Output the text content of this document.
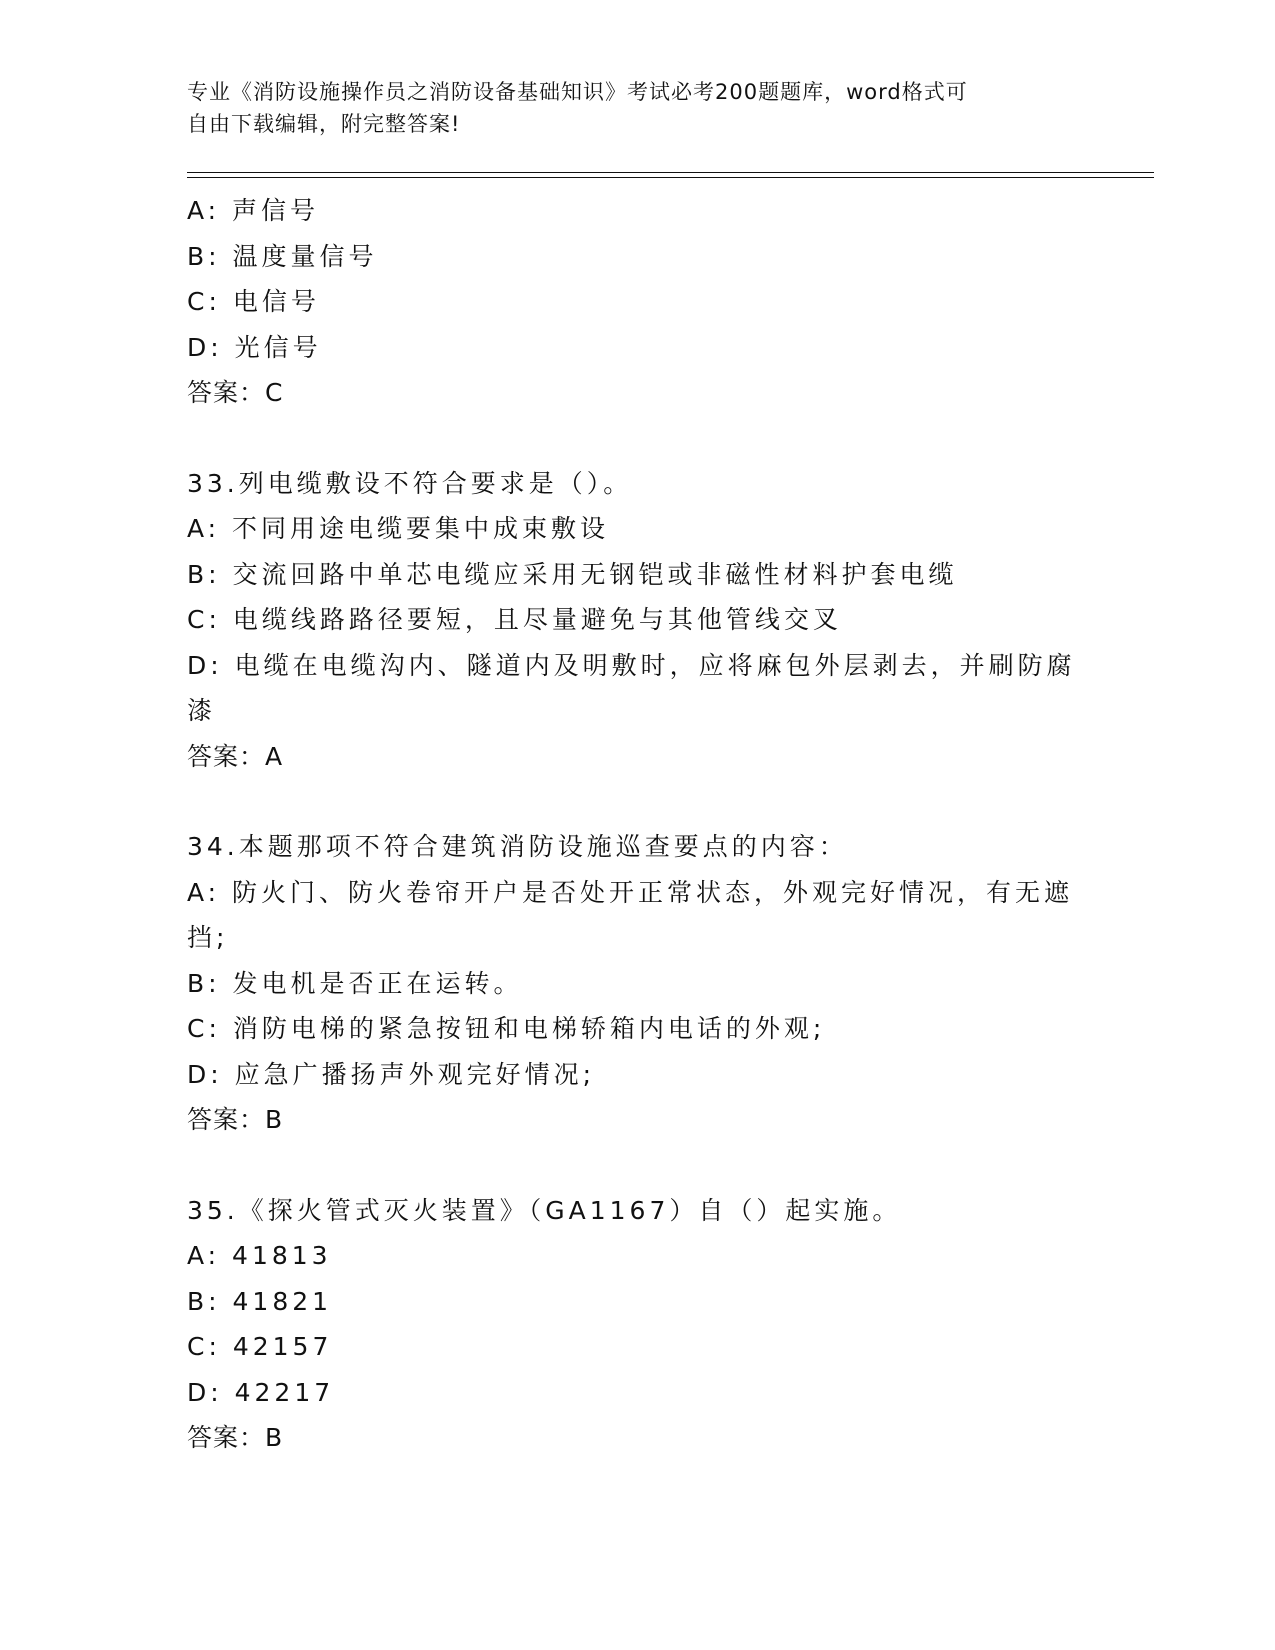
专业《消防设施操作员之消防设备基础知识》考试必考200题题库，word格式可
自由下载编辑，附完整答案!
A: 声信号
B: 温度量信号
C: 电信号
D: 光信号
答案：C
33.列电缆敷设不符合要求是（）。
A: 不同用途电缆要集中成束敷设
B: 交流回路中单芯电缆应采用无钢铠或非磁性材料护套电缆
C: 电缆线路路径要短，且尽量避免与其他管线交叉
D: 电缆在电缆沟内、隧道内及明敷时，应将麻包外层剥去，并刷防腐
漆
答案：A
34.本题那项不符合建筑消防设施巡查要点的内容：
A: 防火门、防火卷帘开户是否处开正常状态，外观完好情况，有无遮
挡;
B: 发电机是否正在运转。
C: 消防电梯的紧急按钮和电梯轿箱内电话的外观;
D: 应急广播扬声外观完好情况;
答案：B
35.《探火管式灭火装置》（GA1167）自（）起实施。
A: 41813
B: 41821
C: 42157
D: 42217
答案：B
